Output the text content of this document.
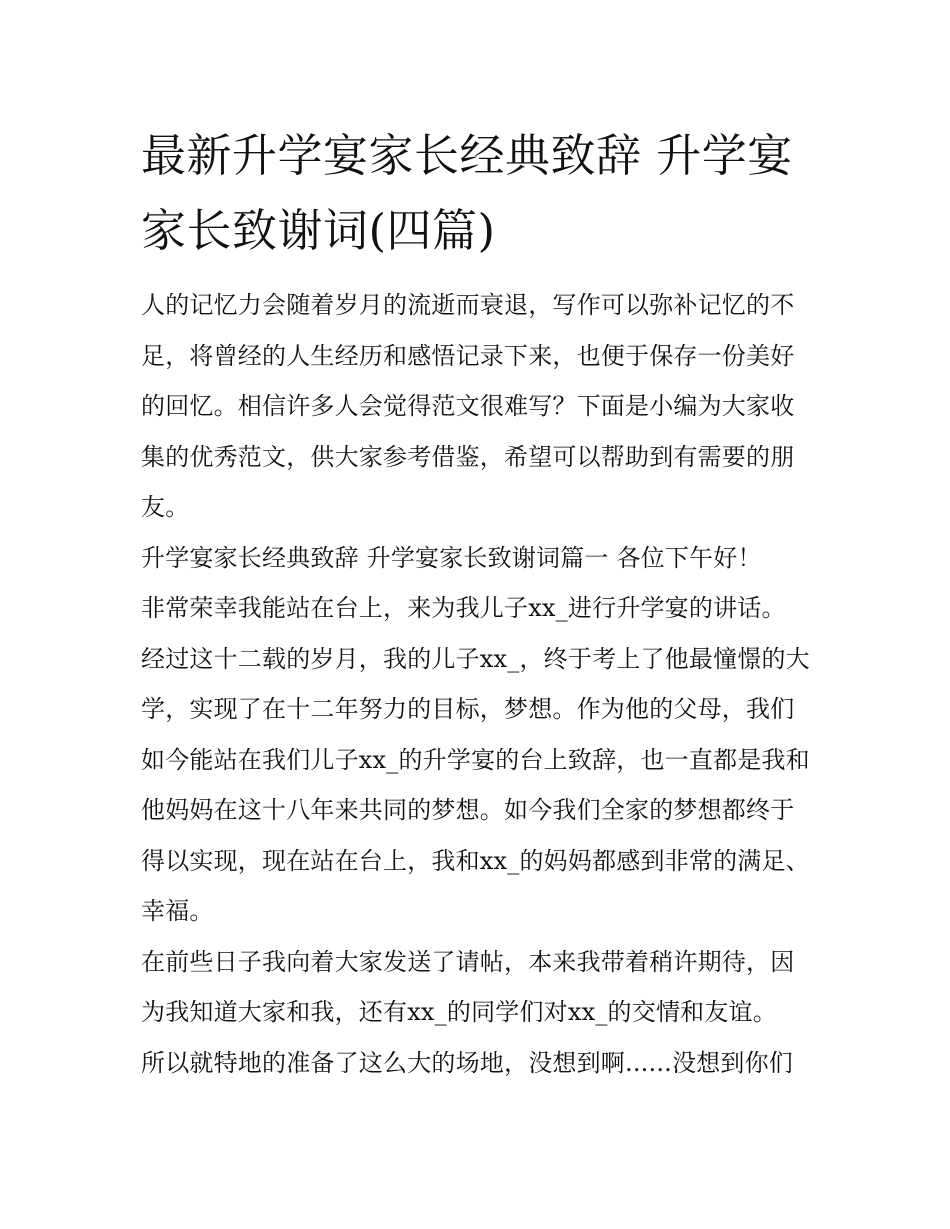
最新升学宴家长经典致辞 升学宴家长致谢词(四篇)

人的记忆力会随着岁月的流逝而衰退，写作可以弥补记忆的不足，将曾经的人生经历和感悟记录下来，也便于保存一份美好的回忆。相信许多人会觉得范文很难写？下面是小编为大家收集的优秀范文，供大家参考借鉴，希望可以帮助到有需要的朋友。

升学宴家长经典致辞 升学宴家长致谢词篇一 各位下午好！

非常荣幸我能站在台上，来为我儿子xx_进行升学宴的讲话。

经过这十二载的岁月，我的儿子xx_，终于考上了他最憧憬的大学，实现了在十二年努力的目标，梦想。作为他的父母，我们如今能站在我们儿子xx_的升学宴的台上致辞，也一直都是我和他妈妈在这十八年来共同的梦想。如今我们全家的梦想都终于得以实现，现在站在台上，我和xx_的妈妈都感到非常的满足、幸福。

在前些日子我向着大家发送了请帖，本来我带着稍许期待，因为我知道大家和我，还有xx_的同学们对xx_的交情和友谊。

所以就特地的准备了这么大的场地，没想到啊......没想到你们
